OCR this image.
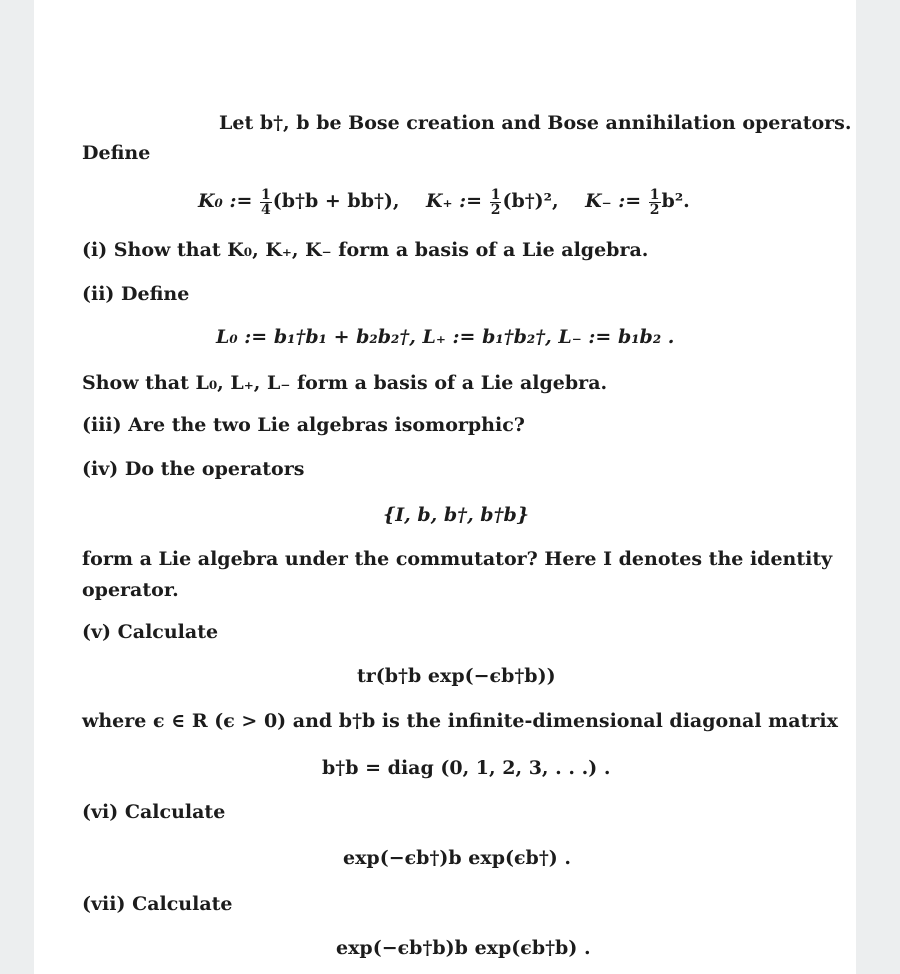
Let b†, b be Bose creation and Bose annihilation operators.
Define
K₀ := $\frac{1}{4}$ (b†b + bb†), K₊ := $\frac{1}{2}$ (b†)², K₋ := $\frac{1}{2} b^2$.
(i) Show that K₀, K₊, K₋ form a basis of a Lie algebra.
(ii) Define
L₀ := b₁†b₁ + b₂b₂†, L₊ := b₁†b₂†, L₋ := b₁b₂ .
Show that L₀, L₊, L₋ form a basis of a Lie algebra.
(iii) Are the two Lie algebras isomorphic?
(iv) Do the operators
{I, b, b†, b†b}
form a Lie algebra under the commutator? Here I denotes the identity
operator.
(v) Calculate
tr(b†b exp(−ϵb†b))
where ϵ ∈ R (ϵ > 0) and b†b is the infinite-dimensional diagonal matrix
b†b = diag (0, 1, 2, 3, . . .) .
(vi) Calculate
exp(−ϵb†)b exp(ϵb†) .
(vii) Calculate
exp(−ϵb†b)b exp(ϵb†b) .
